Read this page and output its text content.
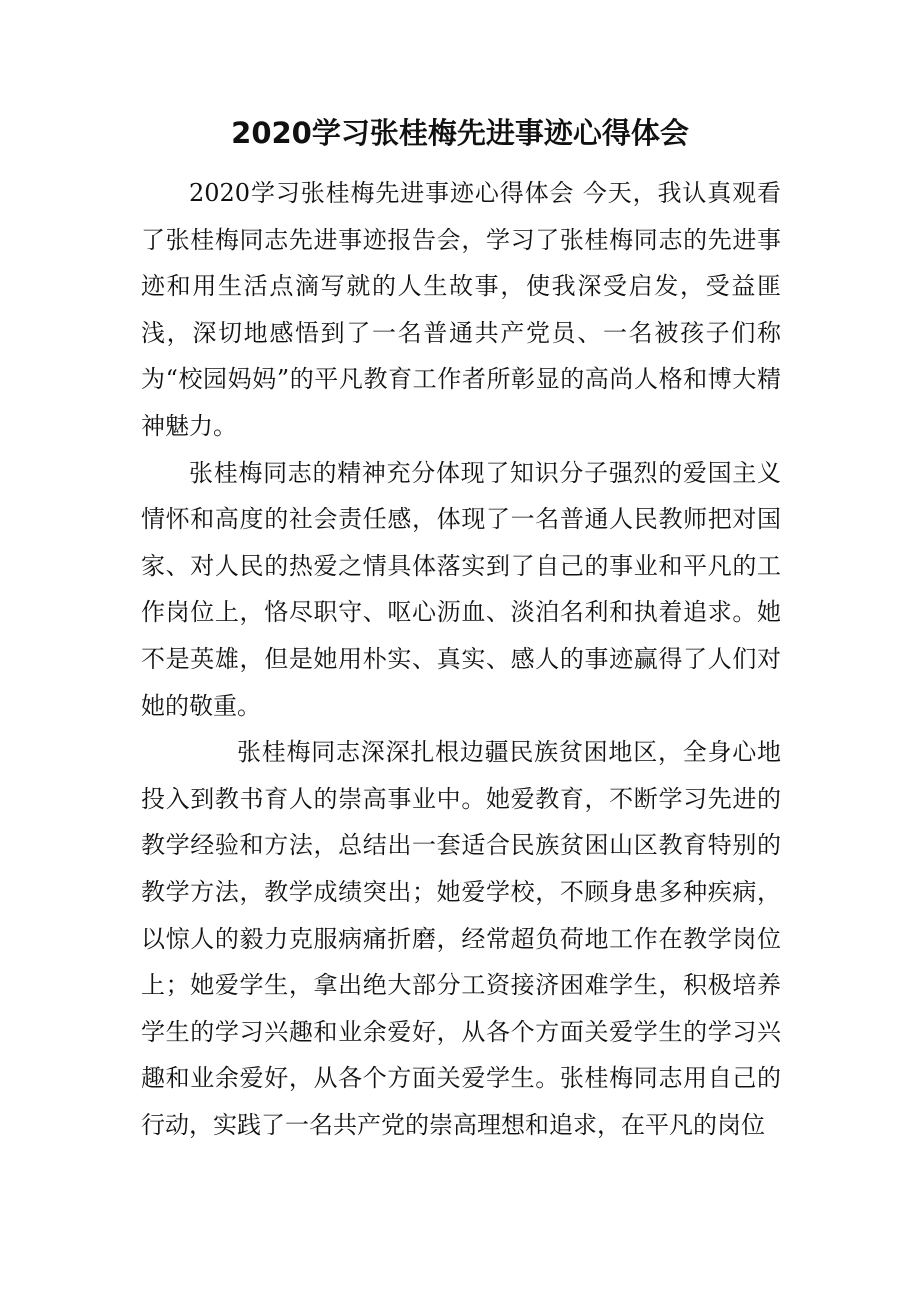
2020学习张桂梅先进事迹心得体会

2020学习张桂梅先进事迹心得体会 今天，我认真观看了张桂梅同志先进事迹报告会，学习了张桂梅同志的先进事迹和用生活点滴写就的人生故事，使我深受启发，受益匪浅，深切地感悟到了一名普通共产党员、一名被孩子们称为“校园妈妈”的平凡教育工作者所彰显的高尚人格和博大精神魅力。

张桂梅同志的精神充分体现了知识分子强烈的爱国主义情怀和高度的社会责任感，体现了一名普通人民教师把对国家、对人民的热爱之情具体落实到了自己的事业和平凡的工作岗位上，恪尽职守、呕心沥血、淡泊名利和执着追求。她不是英雄，但是她用朴实、真实、感人的事迹赢得了人们对她的敬重。

张桂梅同志深深扎根边疆民族贫困地区，全身心地投入到教书育人的崇高事业中。她爱教育，不断学习先进的教学经验和方法，总结出一套适合民族贫困山区教育特别的教学方法，教学成绩突出；她爱学校，不顾身患多种疾病，以惊人的毅力克服病痛折磨，经常超负荷地工作在教学岗位上；她爱学生，拿出绝大部分工资接济困难学生，积极培养学生的学习兴趣和业余爱好，从各个方面关爱学生的学习兴趣和业余爱好，从各个方面关爱学生。张桂梅同志用自己的行动，实践了一名共产党的崇高理想和追求，在平凡的岗位
